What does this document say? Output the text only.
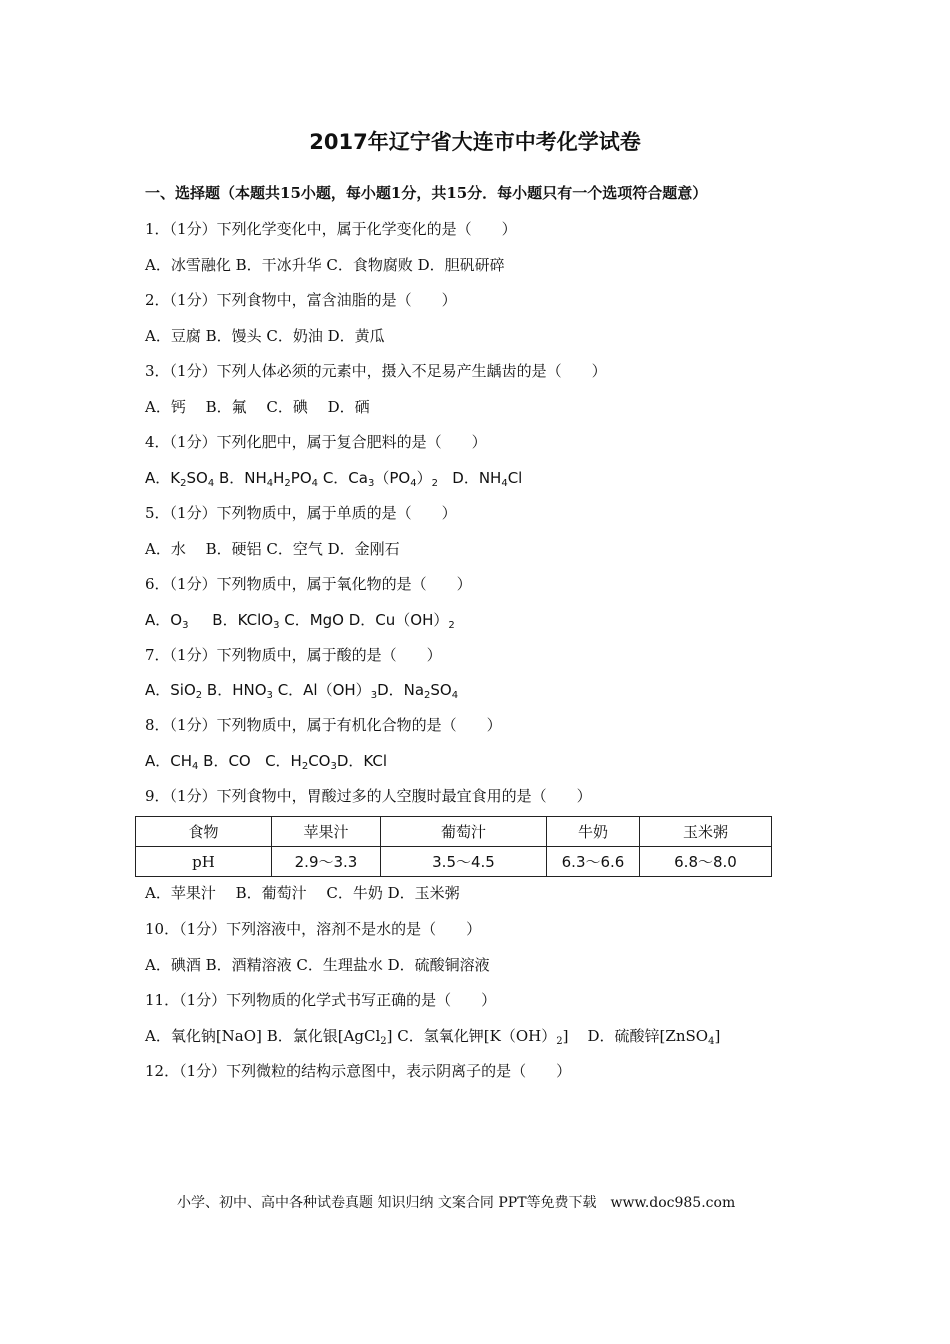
2017年辽宁省大连市中考化学试卷
一、选择题（本题共15小题，每小题1分，共15分．每小题只有一个选项符合题意）
1．（1分）下列化学变化中，属于化学变化的是（　　）
A．冰雪融化 B．干冰升华 C．食物腐败 D．胆矾研碎
2．（1分）下列食物中，富含油脂的是（　　）
A．豆腐 B．馒头 C．奶油 D．黄瓜
3．（1分）下列人体必须的元素中，摄入不足易产生龋齿的是（　　）
A．钙　 B．氟　 C．碘　 D．硒
4．（1分）下列化肥中，属于复合肥料的是（　　）
A．$K_2SO_4$ B．$NH_4H_2PO_4$ C．$Ca_3(PO_4)_2$ D．$NH_4Cl$
5．（1分）下列物质中，属于单质的是（　　）
A．水　 B．硬铝 C．空气 D．金刚石
6．（1分）下列物质中，属于氧化物的是（　　）
A．$O_3$ B．KClO$_3$ C．MgO D．$Cu(OH)_2$
7．（1分）下列物质中，属于酸的是（　　）
A．SiO$_2$ B．$HNO_3$ C．$Al(OH)_3D$．$Na_2SO_4$
8．（1分）下列物质中，属于有机化合物的是（　　）
A．$CH_4$ B．CO C．$H_2CO_3D$．KCl
9．（1分）下列食物中，胃酸过多的人空腹时最宜食用的是（　　）
食物	苹果汁	葡萄汁	牛奶	玉米粥
pH	2.9～3.3	3.5～4.5	6.3～6.6	6.8～8.0
A．苹果汁　 B．葡萄汁　 C．牛奶 D．玉米粥
10．（1分）下列溶液中，溶剂不是水的是（　　）
A．碘酒 B．酒精溶液 C．生理盐水 D．硫酸铜溶液
11．（1分）下列物质的化学式书写正确的是（　　）
A．氧化钠[NaO] B．氯化银[AgCl$_2$] C．氢氧化钾$[K(OH)_2]$ D．硫酸锌[ZnSO$_4$]
12．（1分）下列微粒的结构示意图中，表示阴离子的是（　　）
小学、初中、高中各种试卷真题 知识归纳 文案合同 PPT等免费下载　www.doc985.com
